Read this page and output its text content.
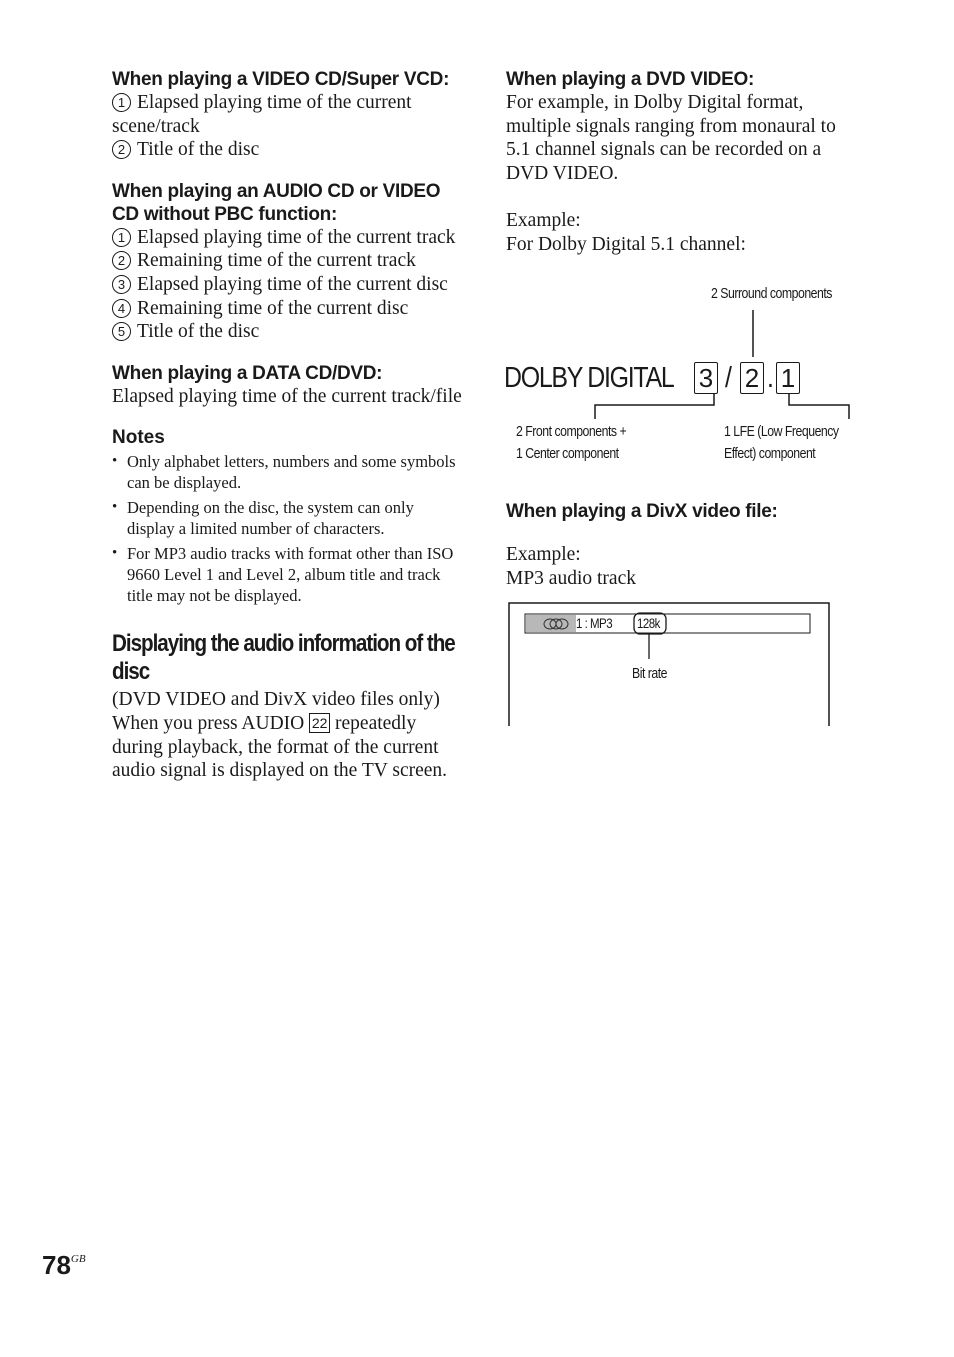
When playing a VIDEO CD/Super VCD:

1 Elapsed playing time of the current scene/track

2 Title of the disc

When playing an AUDIO CD or VIDEO CD without PBC function:

1 Elapsed playing time of the current track

2 Remaining time of the current track

3 Elapsed playing time of the current disc

4 Remaining time of the current disc

5 Title of the disc

When playing a DATA CD/DVD:

Elapsed playing time of the current track/file

Notes

• Only alphabet letters, numbers and some symbols can be displayed.
• Depending on the disc, the system can only display a limited number of characters.
• For MP3 audio tracks with format other than ISO 9660 Level 1 and Level 2, album title and track title may not be displayed.

Displaying the audio information of the disc

(DVD VIDEO and DivX video files only)

When you press AUDIO 22 repeatedly during playback, the format of the current audio signal is displayed on the TV screen.

When playing a DVD VIDEO:

For example, in Dolby Digital format, multiple signals ranging from monaural to 5.1 channel signals can be recorded on a DVD VIDEO.

Example:

For Dolby Digital 5.1 channel:

2 Surround components
DOLBY DIGITAL 3 / 2 . 1
2 Front components +
1 Center component
1 LFE (Low Frequency
Effect) component

When playing a DivX video file:

Example:

MP3 audio track

1 : MP3 128k
Bit rate
$78^{GB}$
